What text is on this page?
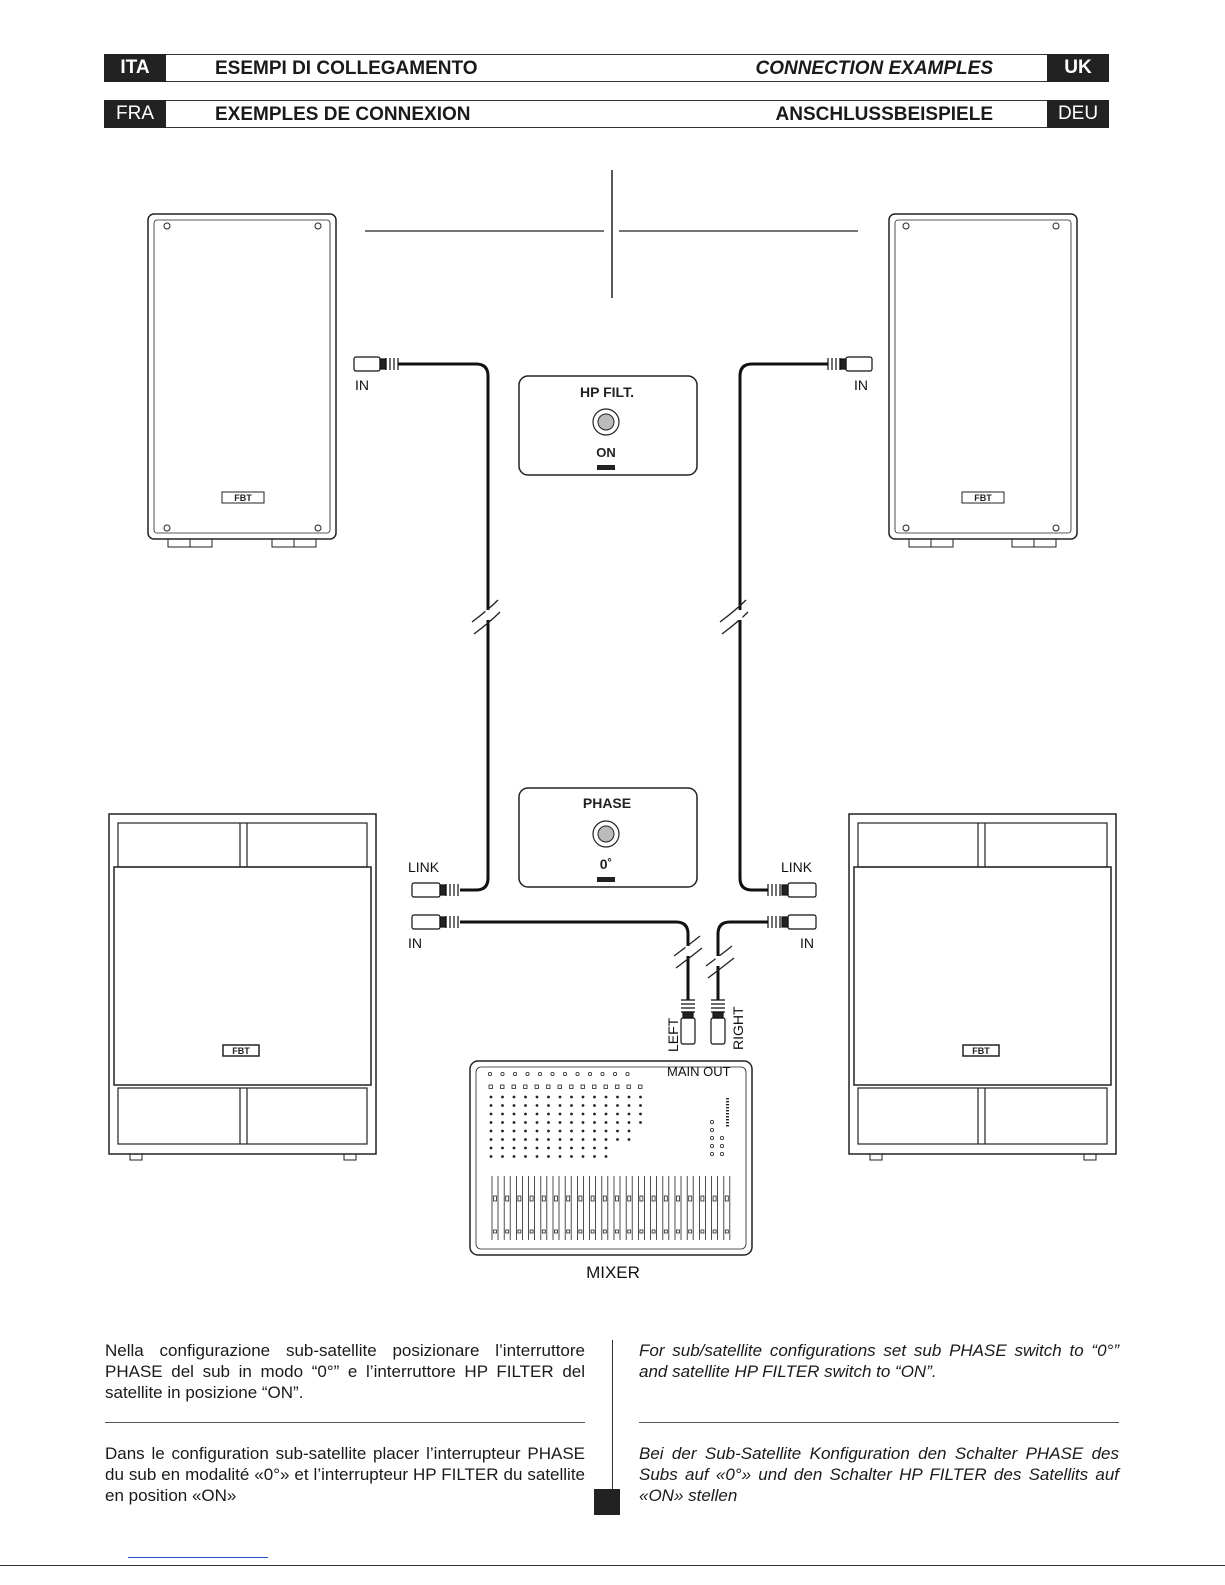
ITA	ESEMPI DI COLLEGAMENTO	CONNECTION EXAMPLES	UK
FRA	EXEMPLES DE CONNEXION	ANSCHLUSSBEISPIELE	DEU
FBT	FBT
HP FILT.
ON
PHASE
0˚
FBT	FBT
IN	IN
LINK	LINK
IN	IN
LEFT	RIGHT
MAIN OUT
MIXER
Nella configurazione sub-satellite posizionare l’interruttore PHASE del sub in modo “0°” e l’interruttore HP FILTER del satellite in posizione “ON”.
For sub/satellite configurations set sub PHASE switch to “0°” and satellite HP FILTER switch to “ON”.
Dans le configuration sub-satellite placer l’interrupteur PHASE du sub en modalité «0°» et l’interrupteur HP FILTER du satellite en position «ON»
Bei der Sub-Satellite Konfiguration den Schalter PHASE des Subs auf «0°» und den Schalter HP FILTER des Satellits auf «ON» stellen
